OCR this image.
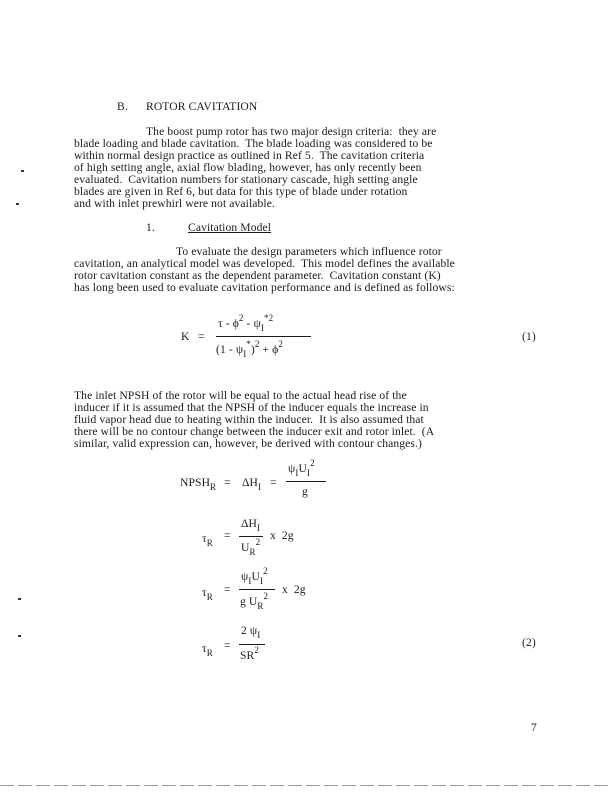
B. ROTOR CAVITATION
The boost pump rotor has two major design criteria:  they are
blade loading and blade cavitation.  The blade loading was considered to be
within normal design practice as outlined in Ref 5.  The cavitation criteria
of high setting angle, axial flow blading, however, has only recently been
evaluated.  Cavitation numbers for stationary cascade, high setting angle
blades are given in Ref 6, but data for this type of blade under rotation
and with inlet prewhirl were not available.
1.	Cavitation Model
To evaluate the design parameters which influence rotor
cavitation, an analytical model was developed.  This model defines the available
rotor cavitation constant as the dependent parameter.  Cavitation constant (K)
has long been used to evaluate cavitation performance and is defined as follows:
K =
τ - $\phi^2 - \psi_I^{*2}$
$(1 - \psi_I^*)^2 + \phi^2$
(1)
The inlet NPSH of the rotor will be equal to the actual head rise of the
inducer if it is assumed that the NPSH of the inducer equals the increase in
fluid vapor head due to heating within the inducer.  It is also assumed that
there will be no contour change between the inducer exit and rotor inlet.  (A
similar, valid expression can, however, be derived with contour changes.)
$NPSH_R = \Delta H_I$ =
$\psi_IU_I^2$
g
$\tau_R$
=
$\Delta H_I$
$U_R^2$ x  2g
$\tau_R$
=
$\psi_IU_I^2$
g $U_R^2$ x  2g
$\tau_R$
=
2 $\psi_I$
$SR^2$
(2)
7
